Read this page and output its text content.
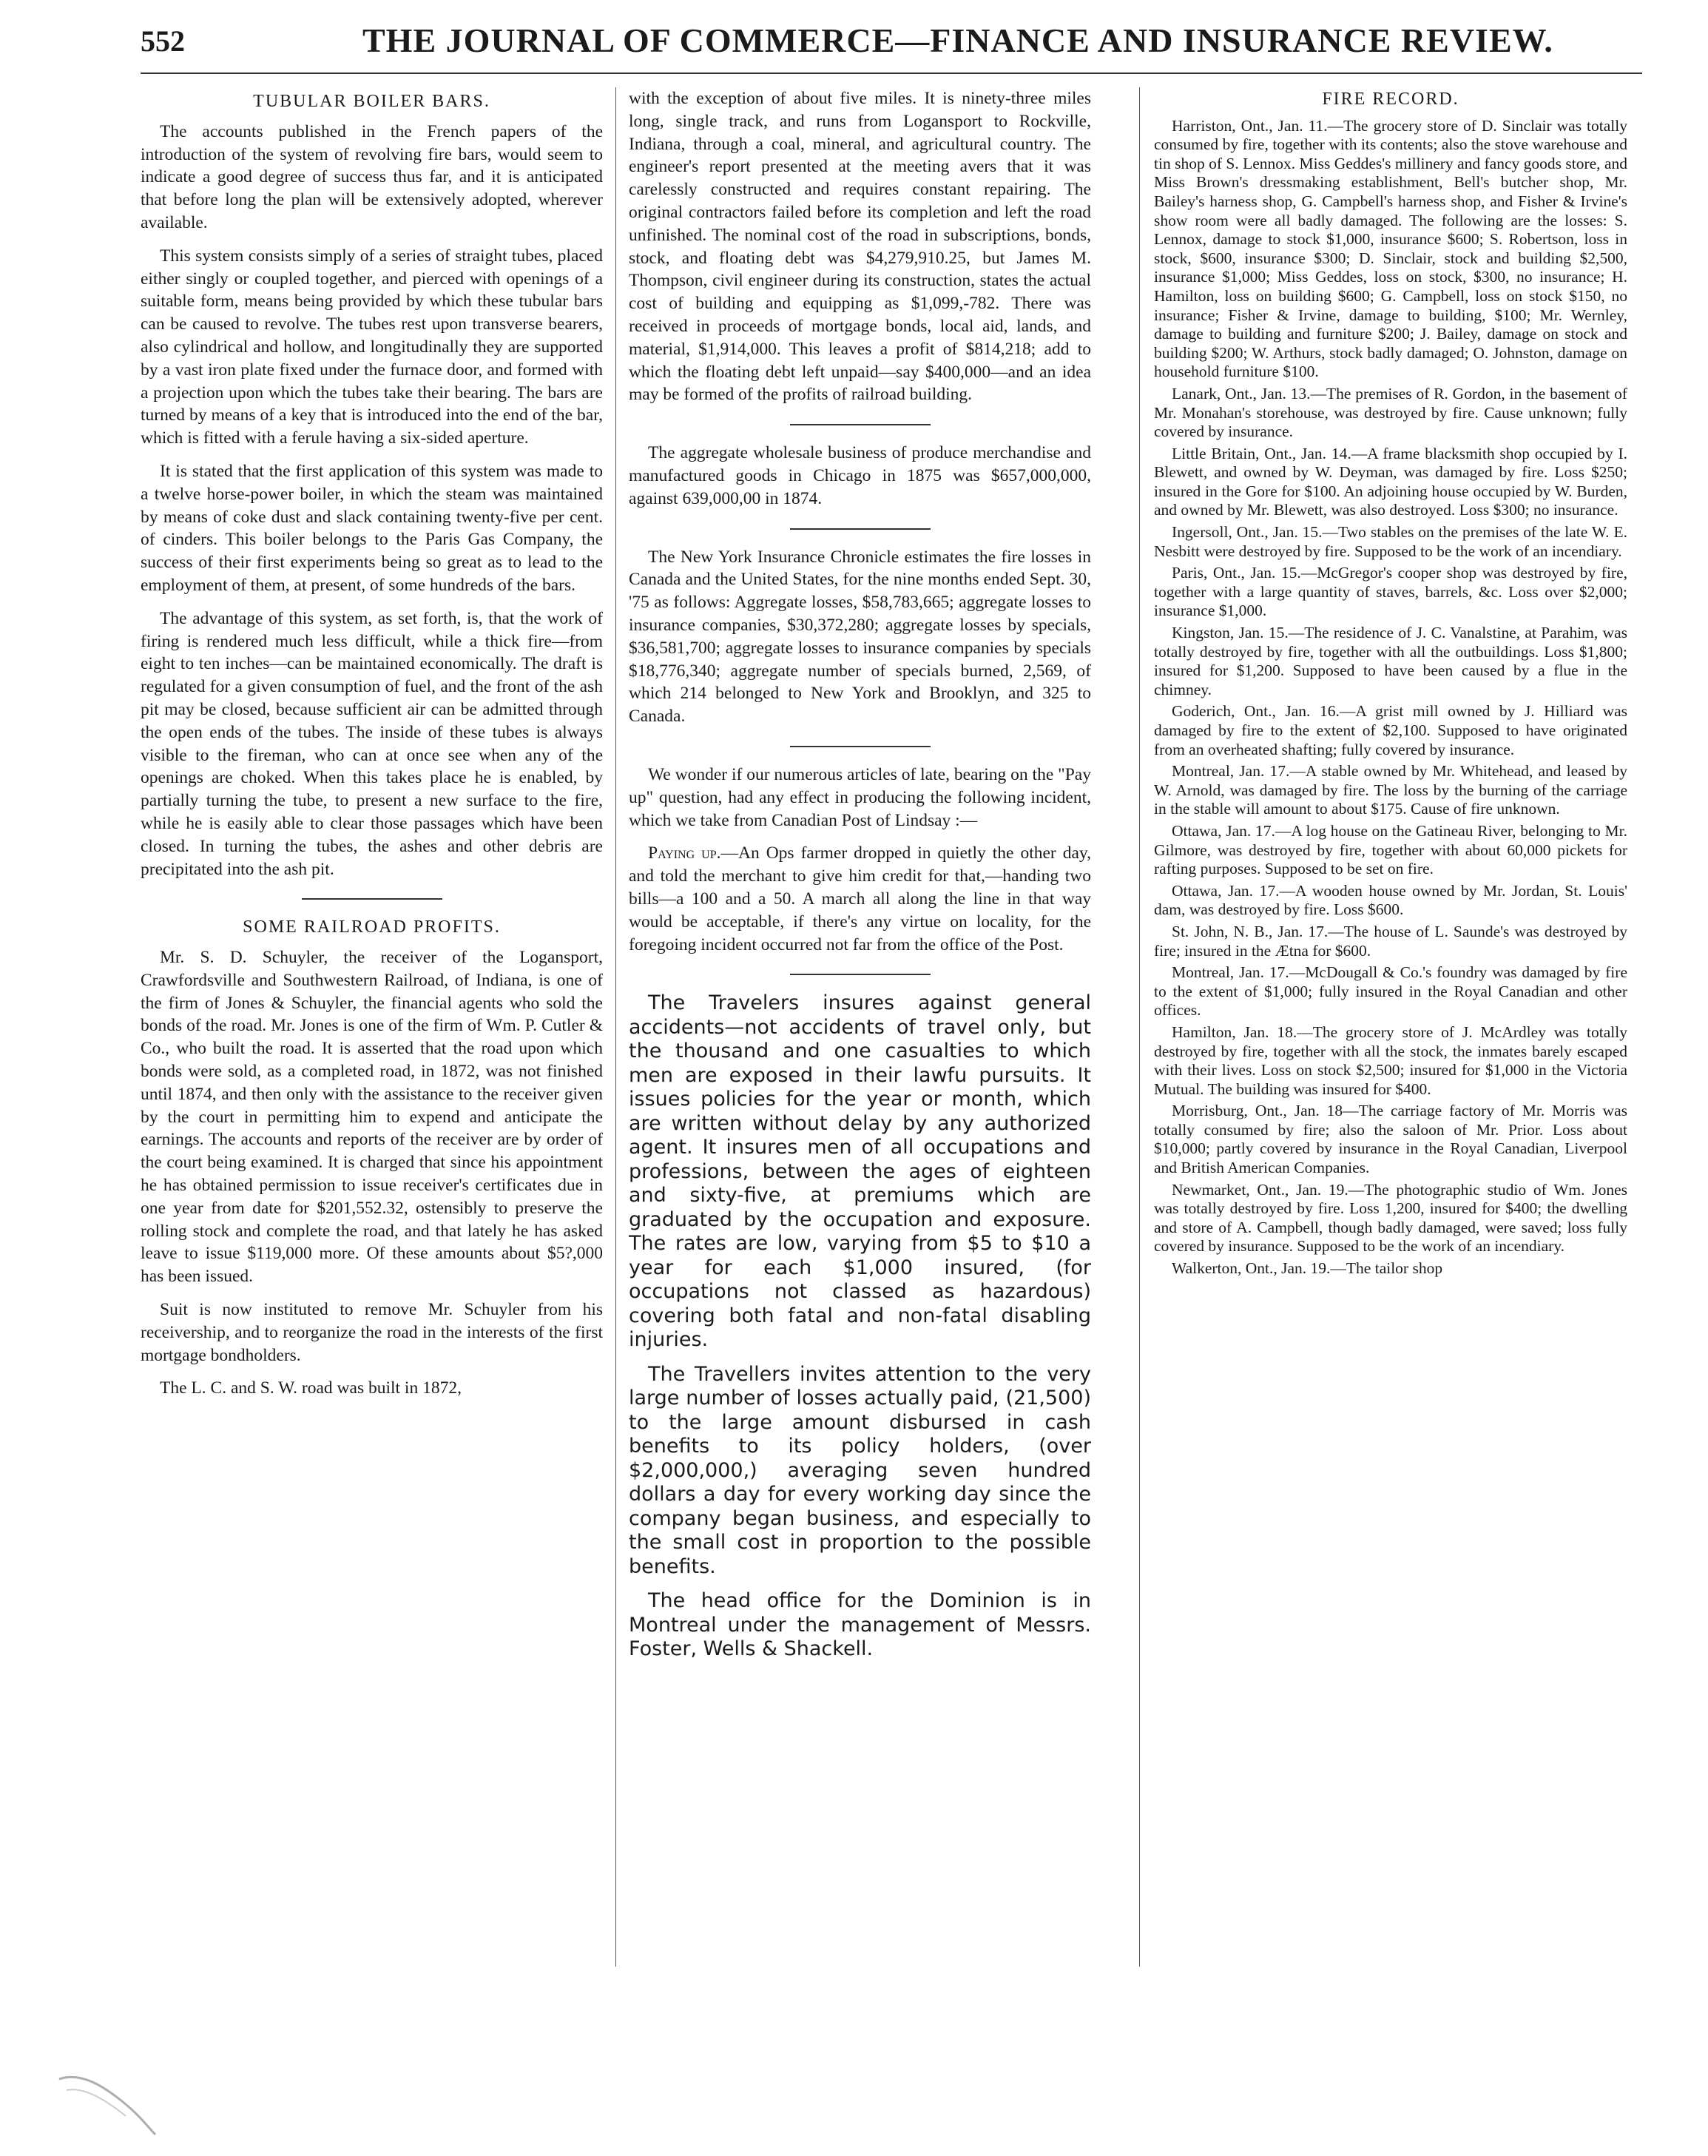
552	THE JOURNAL OF COMMERCE—FINANCE AND INSURANCE REVIEW.
TUBULAR BOILER BARS.

The accounts published in the French papers of the introduction of the system of revolving fire bars, would seem to indicate a good degree of success thus far, and it is anticipated that before long the plan will be extensively adopted, wherever available.

This system consists simply of a series of straight tubes, placed either singly or coupled together, and pierced with openings of a suitable form, means being provided by which these tubular bars can be caused to revolve. The tubes rest upon transverse bearers, also cylindrical and hollow, and longitudinally they are supported by a vast iron plate fixed under the furnace door, and formed with a projection upon which the tubes take their bearing. The bars are turned by means of a key that is introduced into the end of the bar, which is fitted with a ferule having a six-sided aperture.

It is stated that the first application of this system was made to a twelve horse-power boiler, in which the steam was maintained by means of coke dust and slack containing twenty-five per cent. of cinders. This boiler belongs to the Paris Gas Company, the success of their first experiments being so great as to lead to the employment of them, at present, of some hundreds of the bars.

The advantage of this system, as set forth, is, that the work of firing is rendered much less difficult, while a thick fire—from eight to ten inches—can be maintained economically. The draft is regulated for a given consumption of fuel, and the front of the ash pit may be closed, because sufficient air can be admitted through the open ends of the tubes. The inside of these tubes is always visible to the fireman, who can at once see when any of the openings are choked. When this takes place he is enabled, by partially turning the tube, to present a new surface to the fire, while he is easily able to clear those passages which have been closed. In turning the tubes, the ashes and other debris are precipitated into the ash pit.

SOME RAILROAD PROFITS.

Mr. S. D. Schuyler, the receiver of the Logansport, Crawfordsville and Southwestern Railroad, of Indiana, is one of the firm of Jones & Schuyler, the financial agents who sold the bonds of the road. Mr. Jones is one of the firm of Wm. P. Cutler & Co., who built the road. It is asserted that the road upon which bonds were sold, as a completed road, in 1872, was not finished until 1874, and then only with the assistance to the receiver given by the court in permitting him to expend and anticipate the earnings. The accounts and reports of the receiver are by order of the court being examined. It is charged that since his appointment he has obtained permission to issue receiver's certificates due in one year from date for $201,552.32, ostensibly to preserve the rolling stock and complete the road, and that lately he has asked leave to issue $119,000 more. Of these amounts about $5?,000 has been issued.

Suit is now instituted to remove Mr. Schuyler from his receivership, and to reorganize the road in the interests of the first mortgage bondholders.

The L. C. and S. W. road was built in 1872,

with the exception of about five miles. It is ninety-three miles long, single track, and runs from Logansport to Rockville, Indiana, through a coal, mineral, and agricultural country. The engineer's report presented at the meeting avers that it was carelessly constructed and requires constant repairing. The original contractors failed before its completion and left the road unfinished. The nominal cost of the road in subscriptions, bonds, stock, and floating debt was $4,279,910.25, but James M. Thompson, civil engineer during its construction, states the actual cost of building and equipping as $1,099,-782. There was received in proceeds of mortgage bonds, local aid, lands, and material, $1,914,000. This leaves a profit of $814,218; add to which the floating debt left unpaid—say $400,000—and an idea may be formed of the profits of railroad building.

The aggregate wholesale business of produce merchandise and manufactured goods in Chicago in 1875 was $657,000,000, against 639,000,00 in 1874.

The New York Insurance Chronicle estimates the fire losses in Canada and the United States, for the nine months ended Sept. 30, '75 as follows: Aggregate losses, $58,783,665; aggregate losses to insurance companies, $30,372,280; aggregate losses by specials, $36,581,700; aggregate losses to insurance companies by specials $18,776,340; aggregate number of specials burned, 2,569, of which 214 belonged to New York and Brooklyn, and 325 to Canada.

We wonder if our numerous articles of late, bearing on the "Pay up" question, had any effect in producing the following incident, which we take from Canadian Post of Lindsay :—

Paying up.—An Ops farmer dropped in quietly the other day, and told the merchant to give him credit for that,—handing two bills—a 100 and a 50. A march all along the line in that way would be acceptable, if there's any virtue on locality, for the foregoing incident occurred not far from the office of the Post.

The Travelers insures against general accidents—not accidents of travel only, but the thousand and one casualties to which men are exposed in their lawfu pursuits. It issues policies for the year or month, which are written without delay by any authorized agent. It insures men of all occupations and professions, between the ages of eighteen and sixty-five, at premiums which are graduated by the occupation and exposure. The rates are low, varying from $5 to $10 a year for each $1,000 insured, (for occupations not classed as hazardous) covering both fatal and non-fatal disabling injuries.

The Travellers invites attention to the very large number of losses actually paid, (21,500) to the large amount disbursed in cash benefits to its policy holders, (over $2,000,000,) averaging seven hundred dollars a day for every working day since the company began business, and especially to the small cost in proportion to the possible benefits.

The head office for the Dominion is in Montreal under the management of Messrs. Foster, Wells & Shackell.

FIRE RECORD.

Harriston, Ont., Jan. 11.—The grocery store of D. Sinclair was totally consumed by fire, together with its contents; also the stove warehouse and tin shop of S. Lennox. Miss Geddes's millinery and fancy goods store, and Miss Brown's dressmaking establishment, Bell's butcher shop, Mr. Bailey's harness shop, G. Campbell's harness shop, and Fisher & Irvine's show room were all badly damaged. The following are the losses: S. Lennox, damage to stock $1,000, insurance $600; S. Robertson, loss in stock, $600, insurance $300; D. Sinclair, stock and building $2,500, insurance $1,000; Miss Geddes, loss on stock, $300, no insurance; H. Hamilton, loss on building $600; G. Campbell, loss on stock $150, no insurance; Fisher & Irvine, damage to building, $100; Mr. Wernley, damage to building and furniture $200; J. Bailey, damage on stock and building $200; W. Arthurs, stock badly damaged; O. Johnston, damage on household furniture $100.

Lanark, Ont., Jan. 13.—The premises of R. Gordon, in the basement of Mr. Monahan's storehouse, was destroyed by fire. Cause unknown; fully covered by insurance.

Little Britain, Ont., Jan. 14.—A frame blacksmith shop occupied by I. Blewett, and owned by W. Deyman, was damaged by fire. Loss $250; insured in the Gore for $100. An adjoining house occupied by W. Burden, and owned by Mr. Blewett, was also destroyed. Loss $300; no insurance.

Ingersoll, Ont., Jan. 15.—Two stables on the premises of the late W. E. Nesbitt were destroyed by fire. Supposed to be the work of an incendiary.

Paris, Ont., Jan. 15.—McGregor's cooper shop was destroyed by fire, together with a large quantity of staves, barrels, &c. Loss over $2,000; insurance $1,000.

Kingston, Jan. 15.—The residence of J. C. Vanalstine, at Parahim, was totally destroyed by fire, together with all the outbuildings. Loss $1,800; insured for $1,200. Supposed to have been caused by a flue in the chimney.

Goderich, Ont., Jan. 16.—A grist mill owned by J. Hilliard was damaged by fire to the extent of $2,100. Supposed to have originated from an overheated shafting; fully covered by insurance.

Montreal, Jan. 17.—A stable owned by Mr. Whitehead, and leased by W. Arnold, was damaged by fire. The loss by the burning of the carriage in the stable will amount to about $175. Cause of fire unknown.

Ottawa, Jan. 17.—A log house on the Gatineau River, belonging to Mr. Gilmore, was destroyed by fire, together with about 60,000 pickets for rafting purposes. Supposed to be set on fire.

Ottawa, Jan. 17.—A wooden house owned by Mr. Jordan, St. Louis' dam, was destroyed by fire. Loss $600.

St. John, N. B., Jan. 17.—The house of L. Saunde's was destroyed by fire; insured in the Ætna for $600.

Montreal, Jan. 17.—McDougall & Co.'s foundry was damaged by fire to the extent of $1,000; fully insured in the Royal Canadian and other offices.

Hamilton, Jan. 18.—The grocery store of J. McArdley was totally destroyed by fire, together with all the stock, the inmates barely escaped with their lives. Loss on stock $2,500; insured for $1,000 in the Victoria Mutual. The building was insured for $400.

Morrisburg, Ont., Jan. 18—The carriage factory of Mr. Morris was totally consumed by fire; also the saloon of Mr. Prior. Loss about $10,000; partly covered by insurance in the Royal Canadian, Liverpool and British American Companies.

Newmarket, Ont., Jan. 19.—The photographic studio of Wm. Jones was totally destroyed by fire. Loss 1,200, insured for $400; the dwelling and store of A. Campbell, though badly damaged, were saved; loss fully covered by insurance. Supposed to be the work of an incendiary.

Walkerton, Ont., Jan. 19.—The tailor shop
